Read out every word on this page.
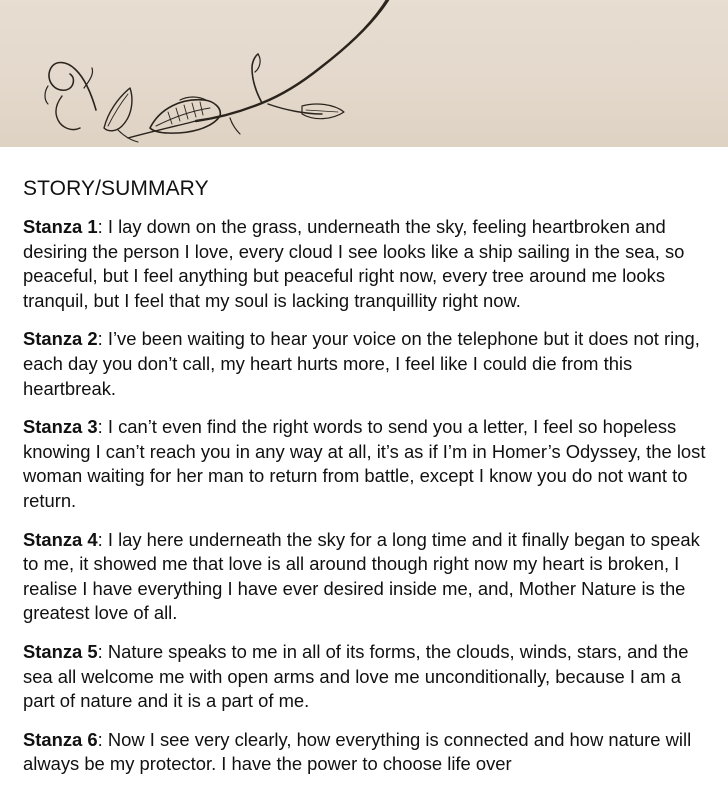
STORY/SUMMARY

Stanza 1: I lay down on the grass, underneath the sky, feeling heartbroken and desiring the person I love, every cloud I see looks like a ship sailing in the sea, so peaceful, but I feel anything but peaceful right now, every tree around me looks tranquil, but I feel that my soul is lacking tranquillity right now.

Stanza 2: I’ve been waiting to hear your voice on the telephone but it does not ring, each day you don’t call, my heart hurts more, I feel like I could die from this heartbreak.

Stanza 3: I can’t even find the right words to send you a letter, I feel so hopeless knowing I can’t reach you in any way at all, it’s as if I’m in Homer’s Odyssey, the lost woman waiting for her man to return from battle, except I know you do not want to return.

Stanza 4: I lay here underneath the sky for a long time and it finally began to speak to me, it showed me that love is all around though right now my heart is broken, I realise I have everything I have ever desired inside me, and, Mother Nature is the greatest love of all.

Stanza 5: Nature speaks to me in all of its forms, the clouds, winds, stars, and the sea all welcome me with open arms and love me unconditionally, because I am a part of nature and it is a part of me.

Stanza 6: Now I see very clearly, how everything is connected and how nature will always be my protector. I have the power to choose life over
